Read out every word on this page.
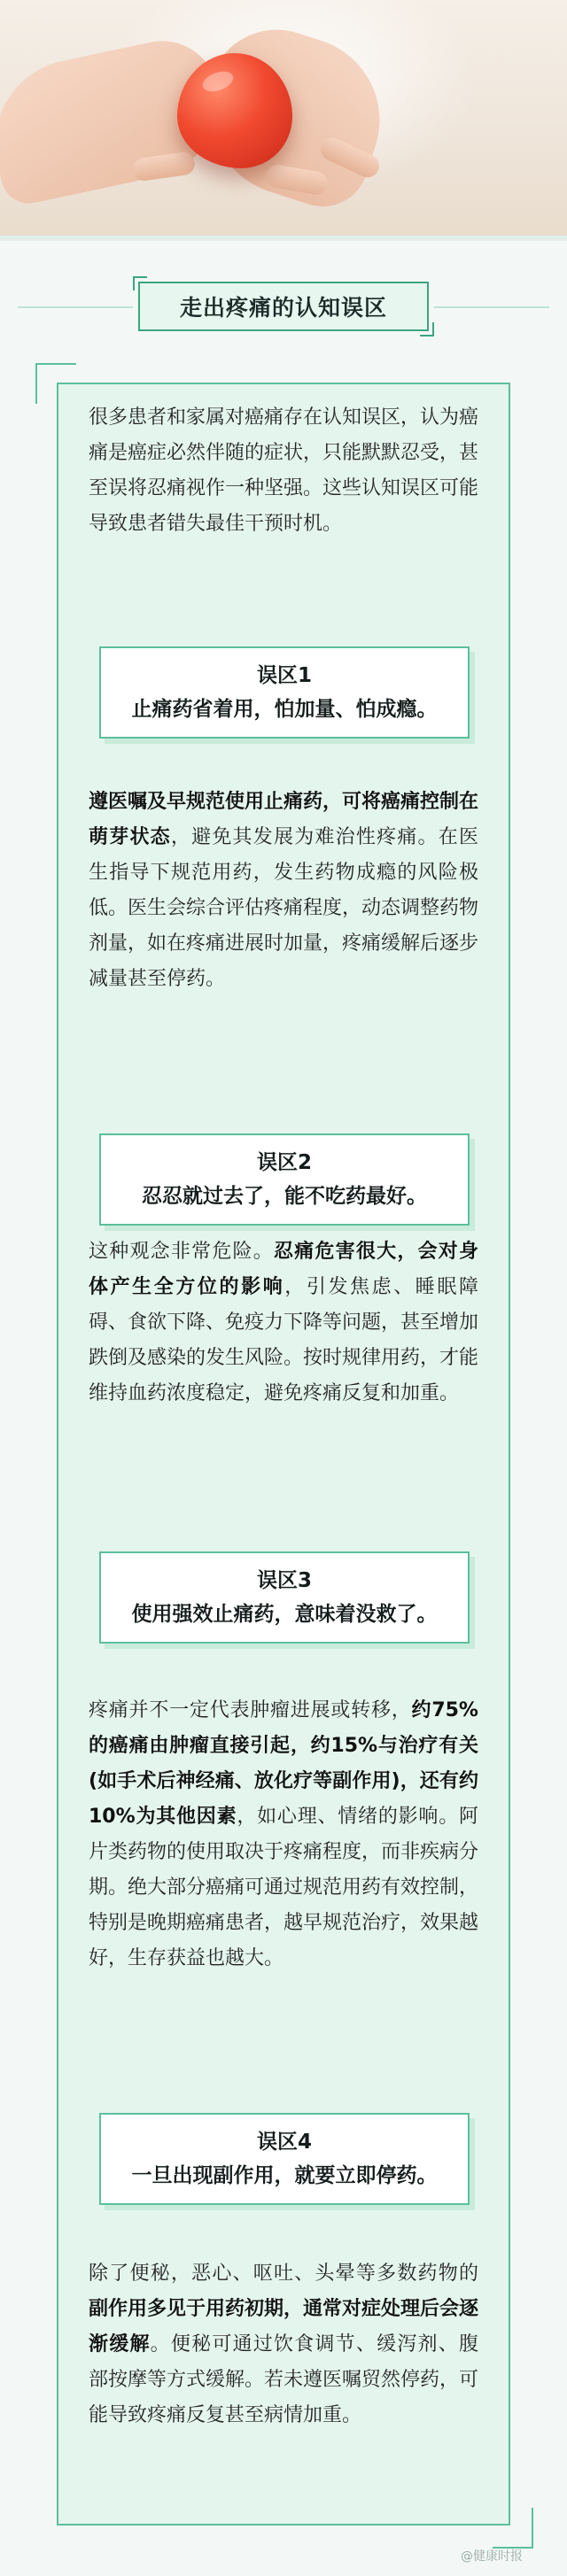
走出疼痛的认知误区
很多患者和家属对癌痛存在认知误区，认为癌痛是癌症必然伴随的症状，只能默默忍受，甚至误将忍痛视作一种坚强。这些认知误区可能导致患者错失最佳干预时机。
误区1
止痛药省着用，怕加量、怕成瘾。
遵医嘱及早规范使用止痛药，可将癌痛控制在萌芽状态，避免其发展为难治性疼痛。在医生指导下规范用药，发生药物成瘾的风险极低。医生会综合评估疼痛程度，动态调整药物剂量，如在疼痛进展时加量，疼痛缓解后逐步减量甚至停药。
误区2
忍忍就过去了，能不吃药最好。
这种观念非常危险。忍痛危害很大，会对身体产生全方位的影响，引发焦虑、睡眠障碍、食欲下降、免疫力下降等问题，甚至增加跌倒及感染的发生风险。按时规律用药，才能维持血药浓度稳定，避免疼痛反复和加重。
误区3
使用强效止痛药，意味着没救了。
疼痛并不一定代表肿瘤进展或转移，约75%的癌痛由肿瘤直接引起，约15%与治疗有关(如手术后神经痛、放化疗等副作用)，还有约10%为其他因素，如心理、情绪的影响。阿片类药物的使用取决于疼痛程度，而非疾病分期。绝大部分癌痛可通过规范用药有效控制，特别是晚期癌痛患者，越早规范治疗，效果越好，生存获益也越大。
误区4
一旦出现副作用，就要立即停药。
除了便秘，恶心、呕吐、头晕等多数药物的副作用多见于用药初期，通常对症处理后会逐渐缓解。便秘可通过饮食调节、缓泻剂、腹部按摩等方式缓解。若未遵医嘱贸然停药，可能导致疼痛反复甚至病情加重。
@健康时报
